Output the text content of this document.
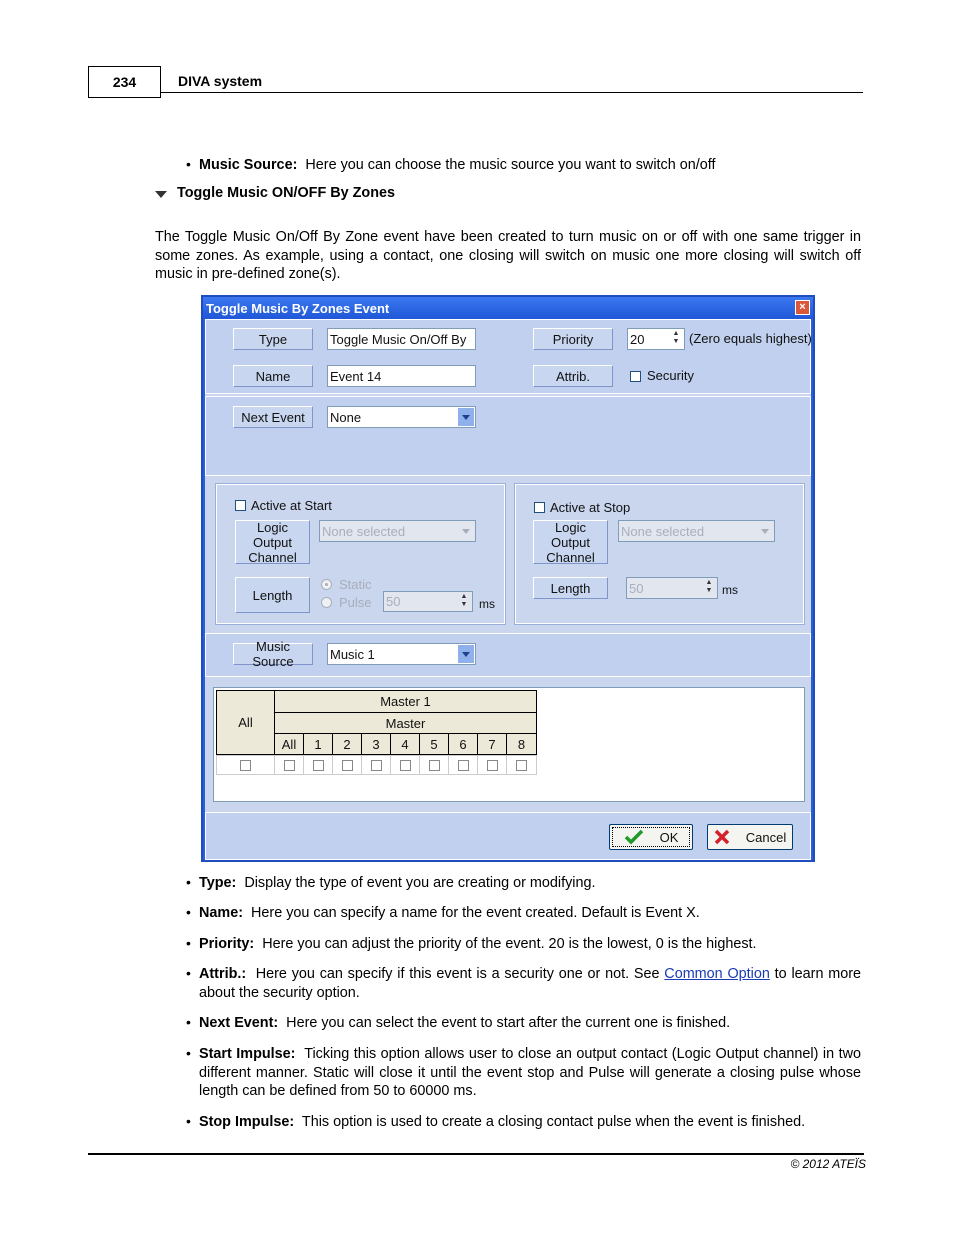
234	DIVA system
• Music Source: Here you can choose the music source you want to switch on/off
Toggle Music ON/OFF By Zones
The Toggle Music On/Off By Zone event have been created to turn music on or off with one same trigger in some zones. As example, using a contact, one closing will switch on music one more closing will switch off music in pre-defined zone(s).
Toggle Music By Zones Event	×
Type	Toggle Music On/Off By	Priority	20	▲
▼ (Zero equals highest)
Name	Event 14	Attrib.	Security
Next Event	None
Active at Start
Logic Output Channel
None selected
Length
Static
Pulse 50	▲
▼ ms
Active at Stop
Logic Output Channel
None selected
Length	50	▲
▼ ms
Music Source	Music 1
All
Master 1
Master
All	1	2	3	4	5	6	7	8
OK	Cancel
• Type: Display the type of event you are creating or modifying.
• Name: Here you can specify a name for the event created. Default is Event X.
• Priority: Here you can adjust the priority of the event. 20 is the lowest, 0 is the highest.
• Attrib.: Here you can specify if this event is a security one or not. See Common Option to learn more about the security option.
• Next Event: Here you can select the event to start after the current one is finished.
• Start Impulse: Ticking this option allows user to close an output contact (Logic Output channel) in two different manner. Static will close it until the event stop and Pulse will generate a closing pulse whose length can be defined from 50 to 60000 ms.
• Stop Impulse: This option is used to create a closing contact pulse when the event is finished.
© 2012 ATEÏS
